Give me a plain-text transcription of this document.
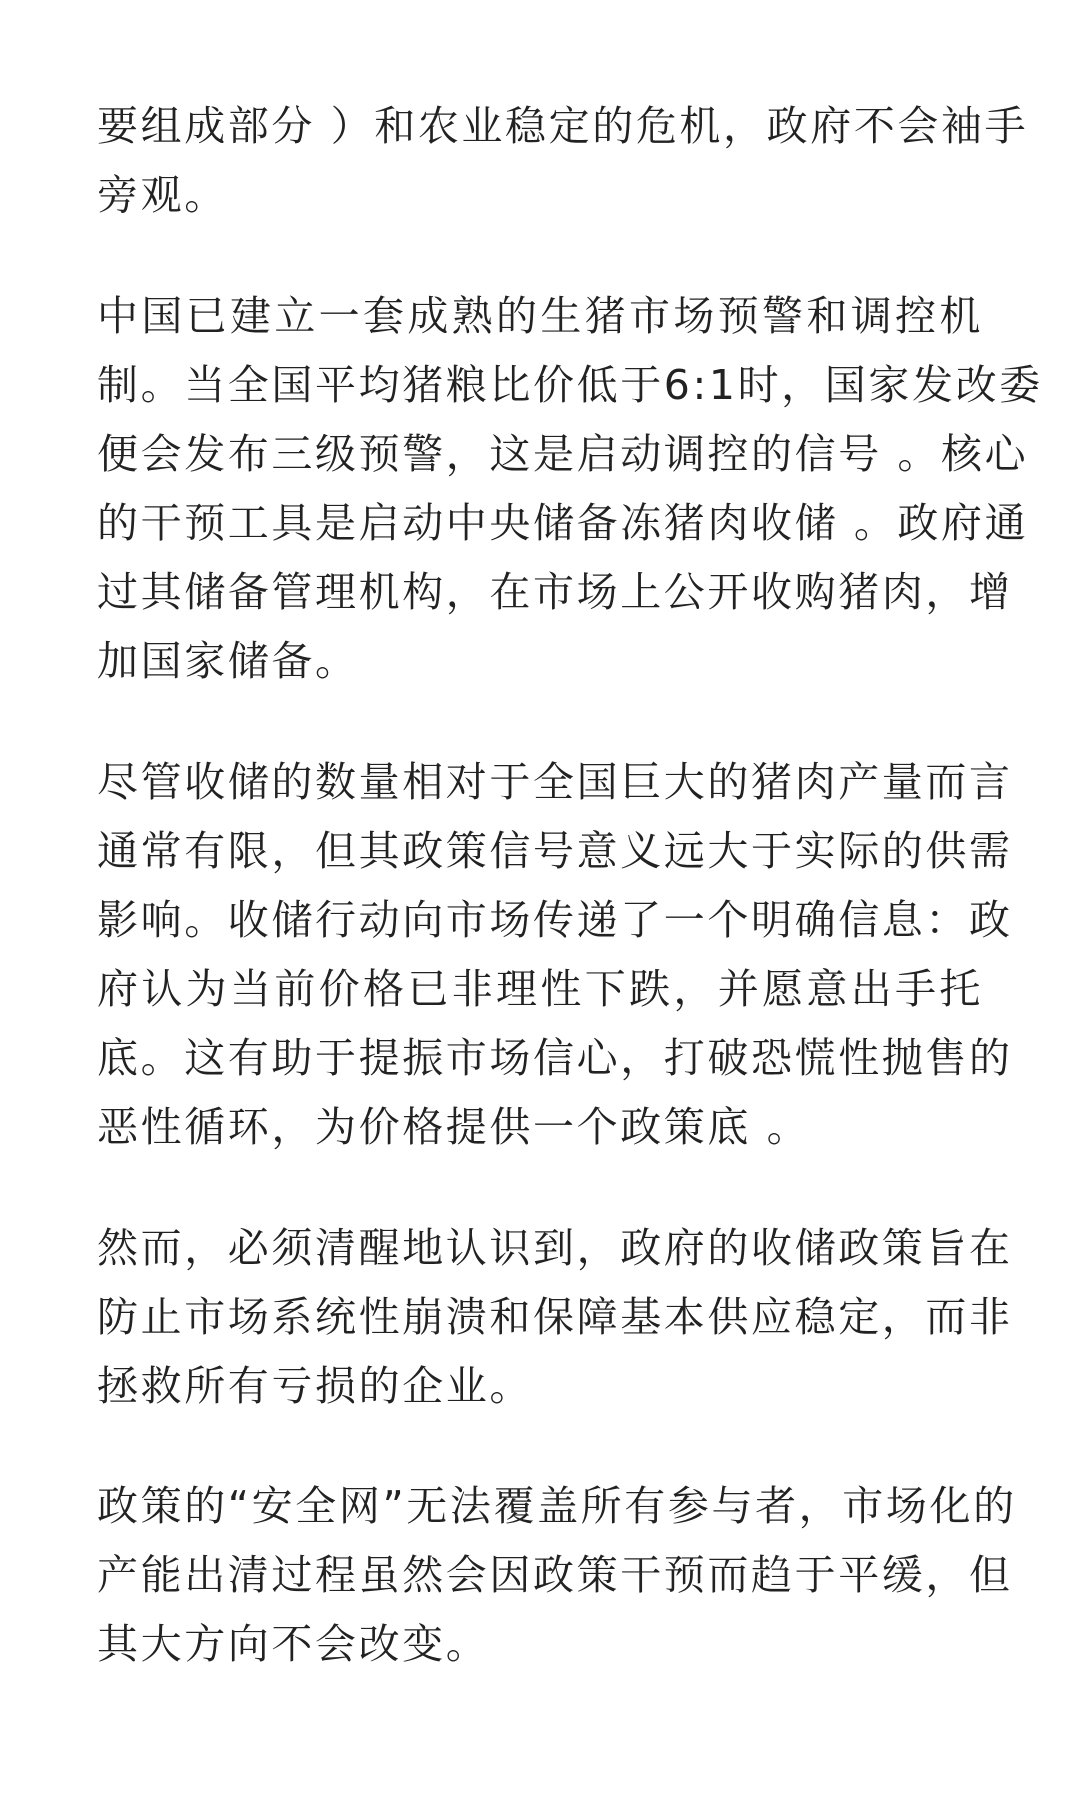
要组成部分 ）和农业稳定的危机，政府不会袖手
旁观。

中国已建立一套成熟的生猪市场预警和调控机
制。当全国平均猪粮比价低于6:1时，国家发改委
便会发布三级预警，这是启动调控的信号 。核心
的干预工具是启动中央储备冻猪肉收储 。政府通
过其储备管理机构，在市场上公开收购猪肉，增
加国家储备。

尽管收储的数量相对于全国巨大的猪肉产量而言
通常有限，但其政策信号意义远大于实际的供需
影响。收储行动向市场传递了一个明确信息：政
府认为当前价格已非理性下跌，并愿意出手托
底。这有助于提振市场信心，打破恐慌性抛售的
恶性循环，为价格提供一个政策底 。

然而，必须清醒地认识到，政府的收储政策旨在
防止市场系统性崩溃和保障基本供应稳定，而非
拯救所有亏损的企业。

政策的“安全网”无法覆盖所有参与者，市场化的
产能出清过程虽然会因政策干预而趋于平缓，但
其大方向不会改变。
